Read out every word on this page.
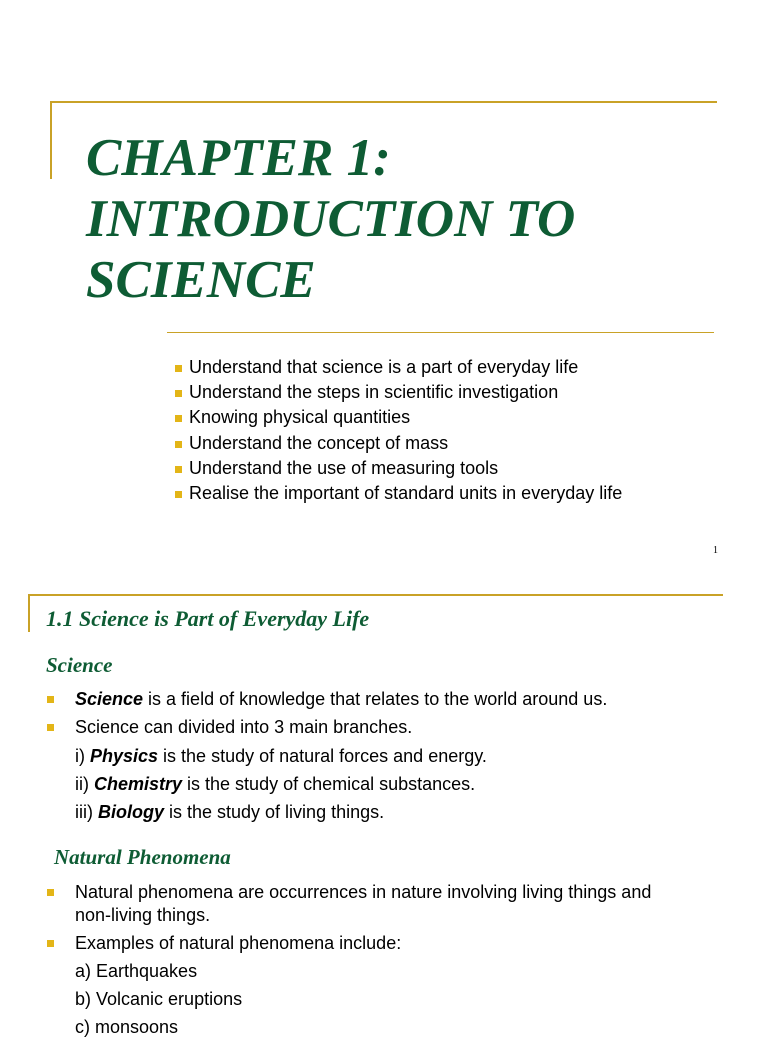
CHAPTER 1:
INTRODUCTION TO
SCIENCE
Understand that science is a part of everyday life
Understand the steps in scientific investigation
Knowing physical quantities
Understand the concept of mass
Understand the use of measuring tools
Realise the important of standard units in everyday life
1
1.1 Science is Part of Everyday Life
Science
Science is a field of knowledge that relates to the world around us.
Science can divided into 3 main branches.
i) Physics is the study of natural forces and energy.
ii) Chemistry is the study of chemical substances.
iii) Biology is the study of living things.
Natural Phenomena
Natural phenomena are occurrences in nature involving living things and non-living things.
Examples of natural phenomena include:
a) Earthquakes
b) Volcanic eruptions
c) monsoons
